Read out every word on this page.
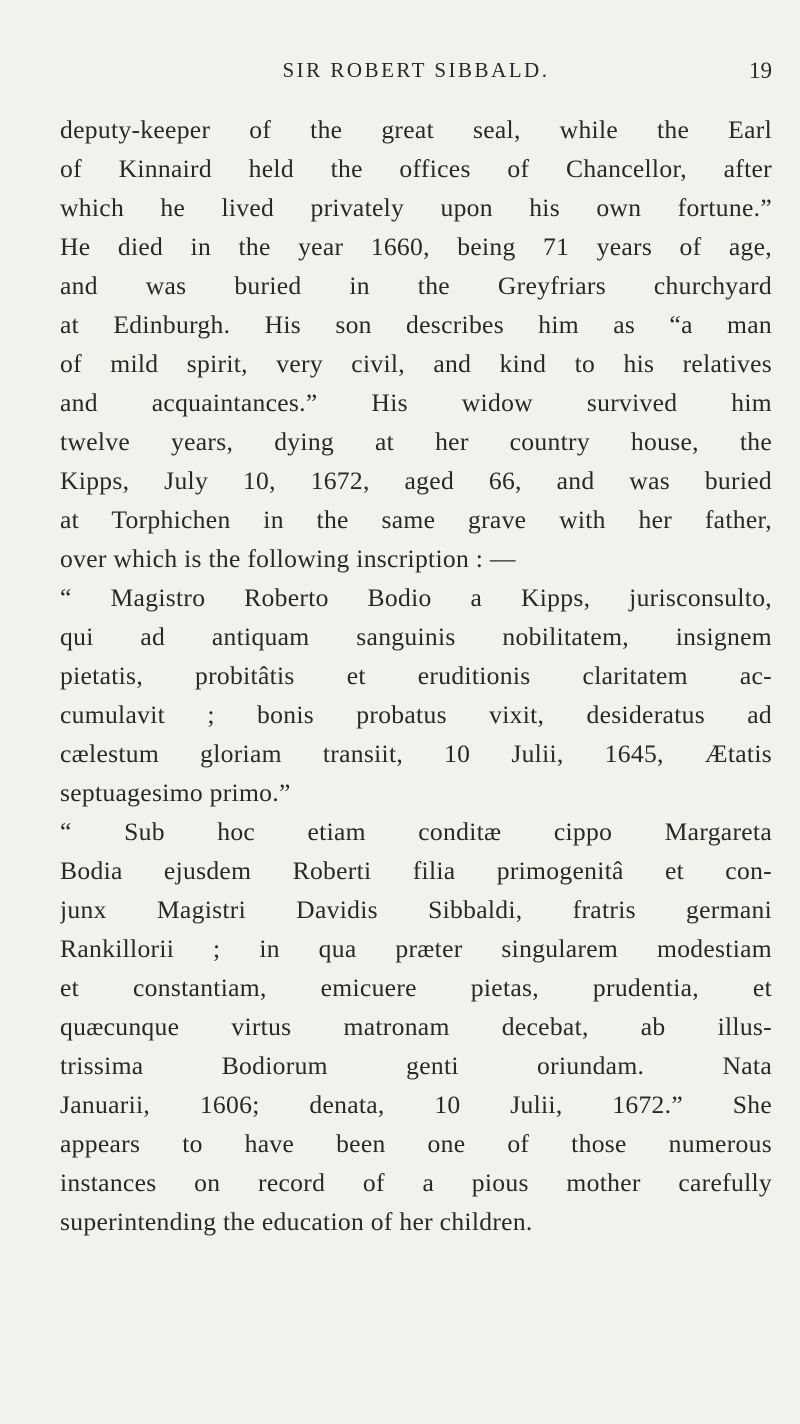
SIR ROBERT SIBBALD.	19
deputy-keeper of the great seal, while the Earl
of Kinnaird held the offices of Chancellor, after
which he lived privately upon his own fortune.”
He died in the year 1660, being 71 years of age,
and was buried in the Greyfriars churchyard
at Edinburgh. His son describes him as “a man
of mild spirit, very civil, and kind to his relatives
and acquaintances.” His widow survived him
twelve years, dying at her country house, the
Kipps, July 10, 1672, aged 66, and was buried
at Torphichen in the same grave with her father,
over which is the following inscription : —
“ Magistro Roberto Bodio a Kipps, jurisconsulto,
qui ad antiquam sanguinis nobilitatem, insignem
pietatis, probitâtis et eruditionis claritatem ac-
cumulavit ; bonis probatus vixit, desideratus ad
cælestum gloriam transiit, 10 Julii, 1645, Ætatis
septuagesimo primo.”
“ Sub hoc etiam conditæ cippo Margareta
Bodia ejusdem Roberti filia primogenitâ et con-
junx Magistri Davidis Sibbaldi, fratris germani
Rankillorii ; in qua præter singularem modestiam
et constantiam, emicuere pietas, prudentia, et
quæcunque virtus matronam decebat, ab illus-
trissima Bodiorum genti oriundam. Nata
Januarii, 1606; denata, 10 Julii, 1672.” She
appears to have been one of those numerous
instances on record of a pious mother carefully
superintending the education of her children.
